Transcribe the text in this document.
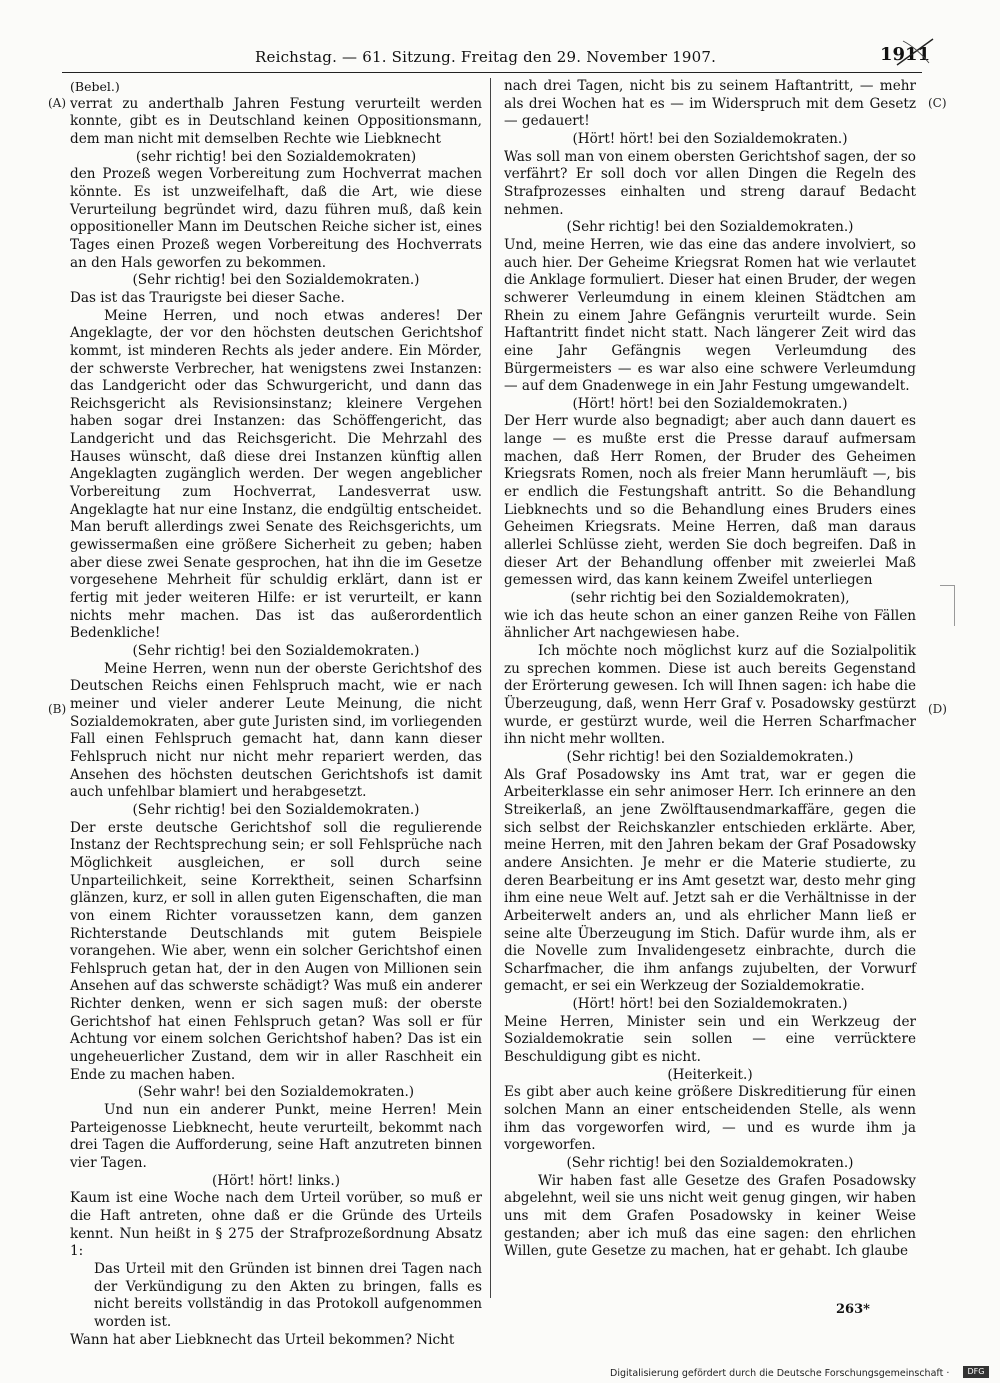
Reichstag. — 61. Sitzung. Freitag den 29. November 1907.	1911
(A)
(B)
(C)
(D)

(Bebel.)

verrat zu anderthalb Jahren Festung verurteilt werden konnte, gibt es in Deutschland keinen Oppositionsmann, dem man nicht mit demselben Rechte wie Liebknecht

(sehr richtig! bei den Sozialdemokraten)

den Prozeß wegen Vorbereitung zum Hochverrat machen könnte. Es ist unzweifelhaft, daß die Art, wie diese Verurteilung begründet wird, dazu führen muß, daß kein oppositioneller Mann im Deutschen Reiche sicher ist, eines Tages einen Prozeß wegen Vorbereitung des Hochverrats an den Hals geworfen zu bekommen.

(Sehr richtig! bei den Sozialdemokraten.)

Das ist das Traurigste bei dieser Sache.

Meine Herren, und noch etwas anderes! Der Angeklagte, der vor den höchsten deutschen Gerichtshof kommt, ist minderen Rechts als jeder andere. Ein Mörder, der schwerste Verbrecher, hat wenigstens zwei Instanzen: das Landgericht oder das Schwurgericht, und dann das Reichsgericht als Revisionsinstanz; kleinere Vergehen haben sogar drei Instanzen: das Schöffengericht, das Landgericht und das Reichsgericht. Die Mehrzahl des Hauses wünscht, daß diese drei Instanzen künftig allen Angeklagten zugänglich werden. Der wegen angeblicher Vorbereitung zum Hochverrat, Landesverrat usw. Angeklagte hat nur eine Instanz, die endgültig entscheidet. Man beruft allerdings zwei Senate des Reichsgerichts, um gewissermaßen eine größere Sicherheit zu geben; haben aber diese zwei Senate gesprochen, hat ihn die im Gesetze vorgesehene Mehrheit für schuldig erklärt, dann ist er fertig mit jeder weiteren Hilfe: er ist verurteilt, er kann nichts mehr machen. Das ist das außerordentlich Bedenkliche!

(Sehr richtig! bei den Sozialdemokraten.)

Meine Herren, wenn nun der oberste Gerichtshof des Deutschen Reichs einen Fehlspruch macht, wie er nach meiner und vieler anderer Leute Meinung, die nicht Sozialdemokraten, aber gute Juristen sind, im vorliegenden Fall einen Fehlspruch gemacht hat, dann kann dieser Fehlspruch nicht nur nicht mehr repariert werden, das Ansehen des höchsten deutschen Gerichtshofs ist damit auch unfehlbar blamiert und herabgesetzt.

(Sehr richtig! bei den Sozialdemokraten.)

Der erste deutsche Gerichtshof soll die regulierende Instanz der Rechtsprechung sein; er soll Fehlsprüche nach Möglichkeit ausgleichen, er soll durch seine Unparteilichkeit, seine Korrektheit, seinen Scharfsinn glänzen, kurz, er soll in allen guten Eigenschaften, die man von einem Richter voraussetzen kann, dem ganzen Richterstande Deutschlands mit gutem Beispiele vorangehen. Wie aber, wenn ein solcher Gerichtshof einen Fehlspruch getan hat, der in den Augen von Millionen sein Ansehen auf das schwerste schädigt? Was muß ein anderer Richter denken, wenn er sich sagen muß: der oberste Gerichtshof hat einen Fehlspruch getan? Was soll er für Achtung vor einem solchen Gerichtshof haben? Das ist ein ungeheuerlicher Zustand, dem wir in aller Raschheit ein Ende zu machen haben.

(Sehr wahr! bei den Sozialdemokraten.)

Und nun ein anderer Punkt, meine Herren! Mein Parteigenosse Liebknecht, heute verurteilt, bekommt nach drei Tagen die Aufforderung, seine Haft anzutreten binnen vier Tagen.

(Hört! hört! links.)

Kaum ist eine Woche nach dem Urteil vorüber, so muß er die Haft antreten, ohne daß er die Gründe des Urteils kennt. Nun heißt in § 275 der Strafprozeßordnung Absatz 1:

Das Urteil mit den Gründen ist binnen drei Tagen nach der Verkündigung zu den Akten zu bringen, falls es nicht bereits vollständig in das Protokoll aufgenommen worden ist.

Wann hat aber Liebknecht das Urteil bekommen? Nicht

nach drei Tagen, nicht bis zu seinem Haftantritt, — mehr als drei Wochen hat es — im Widerspruch mit dem Gesetz — gedauert!

(Hört! hört! bei den Sozialdemokraten.)

Was soll man von einem obersten Gerichtshof sagen, der so verfährt? Er soll doch vor allen Dingen die Regeln des Strafprozesses einhalten und streng darauf Bedacht nehmen.

(Sehr richtig! bei den Sozialdemokraten.)

Und, meine Herren, wie das eine das andere involviert, so auch hier. Der Geheime Kriegsrat Romen hat wie verlautet die Anklage formuliert. Dieser hat einen Bruder, der wegen schwerer Verleumdung in einem kleinen Städtchen am Rhein zu einem Jahre Gefängnis verurteilt wurde. Sein Haftantritt findet nicht statt. Nach längerer Zeit wird das eine Jahr Gefängnis wegen Verleumdung des Bürgermeisters — es war also eine schwere Verleumdung — auf dem Gnadenwege in ein Jahr Festung umgewandelt.

(Hört! hört! bei den Sozialdemokraten.)

Der Herr wurde also begnadigt; aber auch dann dauert es lange — es mußte erst die Presse darauf aufmersam machen, daß Herr Romen, der Bruder des Geheimen Kriegsrats Romen, noch als freier Mann herumläuft —, bis er endlich die Festungshaft antritt. So die Behandlung Liebknechts und so die Behandlung eines Bruders eines Geheimen Kriegsrats. Meine Herren, daß man daraus allerlei Schlüsse zieht, werden Sie doch begreifen. Daß in dieser Art der Behandlung offenber mit zweierlei Maß gemessen wird, das kann keinem Zweifel unterliegen

(sehr richtig bei den Sozialdemokraten),

wie ich das heute schon an einer ganzen Reihe von Fällen ähnlicher Art nachgewiesen habe.

Ich möchte noch möglichst kurz auf die Sozialpolitik zu sprechen kommen. Diese ist auch bereits Gegenstand der Erörterung gewesen. Ich will Ihnen sagen: ich habe die Überzeugung, daß, wenn Herr Graf v. Posadowsky gestürzt wurde, er gestürzt wurde, weil die Herren Scharfmacher ihn nicht mehr wollten.

(Sehr richtig! bei den Sozialdemokraten.)

Als Graf Posadowsky ins Amt trat, war er gegen die Arbeiterklasse ein sehr animoser Herr. Ich erinnere an den Streikerlaß, an jene Zwölftausendmarkaffäre, gegen die sich selbst der Reichskanzler entschieden erklärte. Aber, meine Herren, mit den Jahren bekam der Graf Posadowsky andere Ansichten. Je mehr er die Materie studierte, zu deren Bearbeitung er ins Amt gesetzt war, desto mehr ging ihm eine neue Welt auf. Jetzt sah er die Verhältnisse in der Arbeiterwelt anders an, und als ehrlicher Mann ließ er seine alte Überzeugung im Stich. Dafür wurde ihm, als er die Novelle zum Invalidengesetz einbrachte, durch die Scharfmacher, die ihm anfangs zujubelten, der Vorwurf gemacht, er sei ein Werkzeug der Sozialdemokratie.

(Hört! hört! bei den Sozialdemokraten.)

Meine Herren, Minister sein und ein Werkzeug der Sozialdemokratie sein sollen — eine verrücktere Beschuldigung gibt es nicht.

(Heiterkeit.)

Es gibt aber auch keine größere Diskreditierung für einen solchen Mann an einer entscheidenden Stelle, als wenn ihm das vorgeworfen wird, — und es wurde ihm ja vorgeworfen.

(Sehr richtig! bei den Sozialdemokraten.)

Wir haben fast alle Gesetze des Grafen Posadowsky abgelehnt, weil sie uns nicht weit genug gingen, wir haben uns mit dem Grafen Posadowsky in keiner Weise gestanden; aber ich muß das eine sagen: den ehrlichen Willen, gute Gesetze zu machen, hat er gehabt. Ich glaube

263*
Digitalisierung gefördert durch die Deutsche Forschungsgemeinschaft ·	DFG
